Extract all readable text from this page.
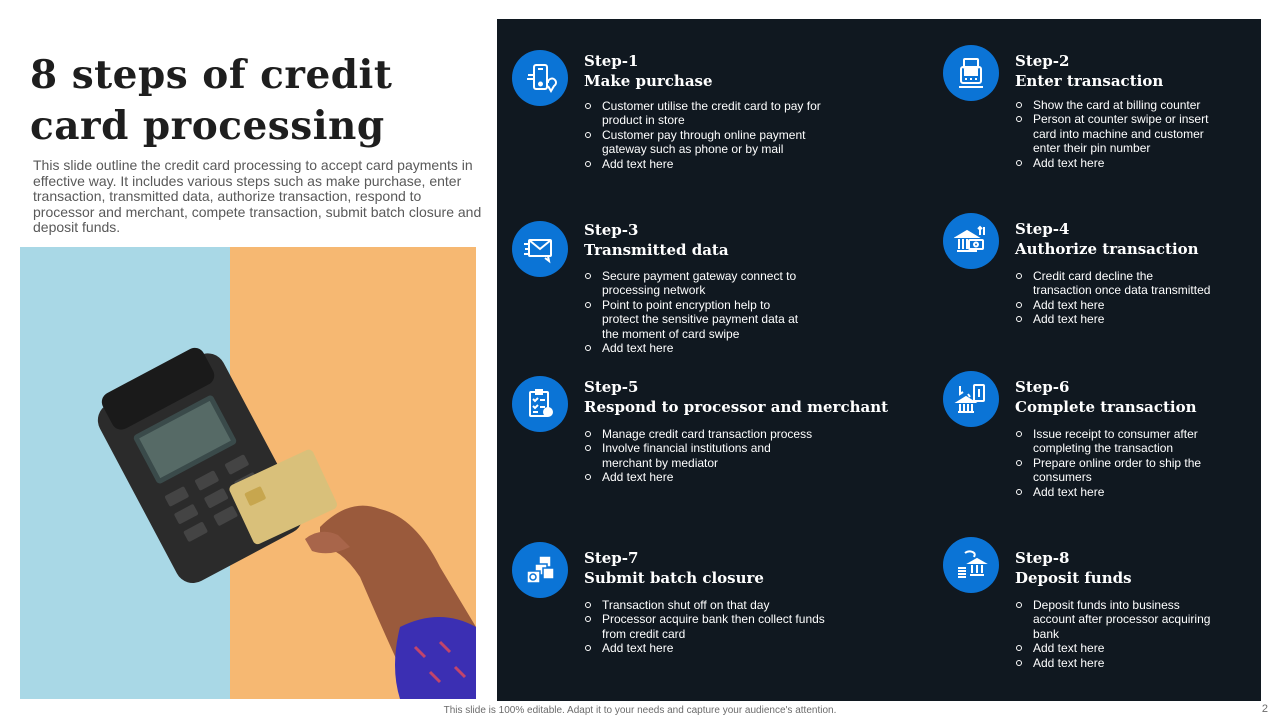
8 steps of credit card processing

This slide outline the credit card processing to accept card payments in effective way. It includes various steps such as make purchase, enter transaction, transmitted data, authorize transaction, respond to processor and merchant, compete transaction, submit batch closure and deposit funds.

Step-1
Make purchase
Customer utilise the credit card to pay for product in store
Customer pay through online payment gateway such as phone or by mail
Add text here
Step-2
Enter transaction
Show the card at billing counter
Person at counter swipe or insert card into machine and customer enter their pin number
Add text here
Step-3
Transmitted data
Secure payment gateway connect to processing network
Point to point encryption help to protect the sensitive payment data at the moment of card swipe
Add text here
Step-4
Authorize transaction
Credit card decline the transaction once data transmitted
Add text here
Add text here
Step-5
Respond to processor and merchant
Manage credit card transaction process
Involve financial institutions and merchant by mediator
Add text here
Step-6
Complete transaction
Issue receipt to consumer after completing the transaction
Prepare online order to ship the consumers
Add text here
Step-7
Submit batch closure
Transaction shut off on that day
Processor acquire bank then collect funds from credit card
Add text here
Step-8
Deposit funds
Deposit funds into business account after processor acquiring bank
Add text here
Add text here
This slide is 100% editable. Adapt it to your needs and capture your audience's attention.	2
